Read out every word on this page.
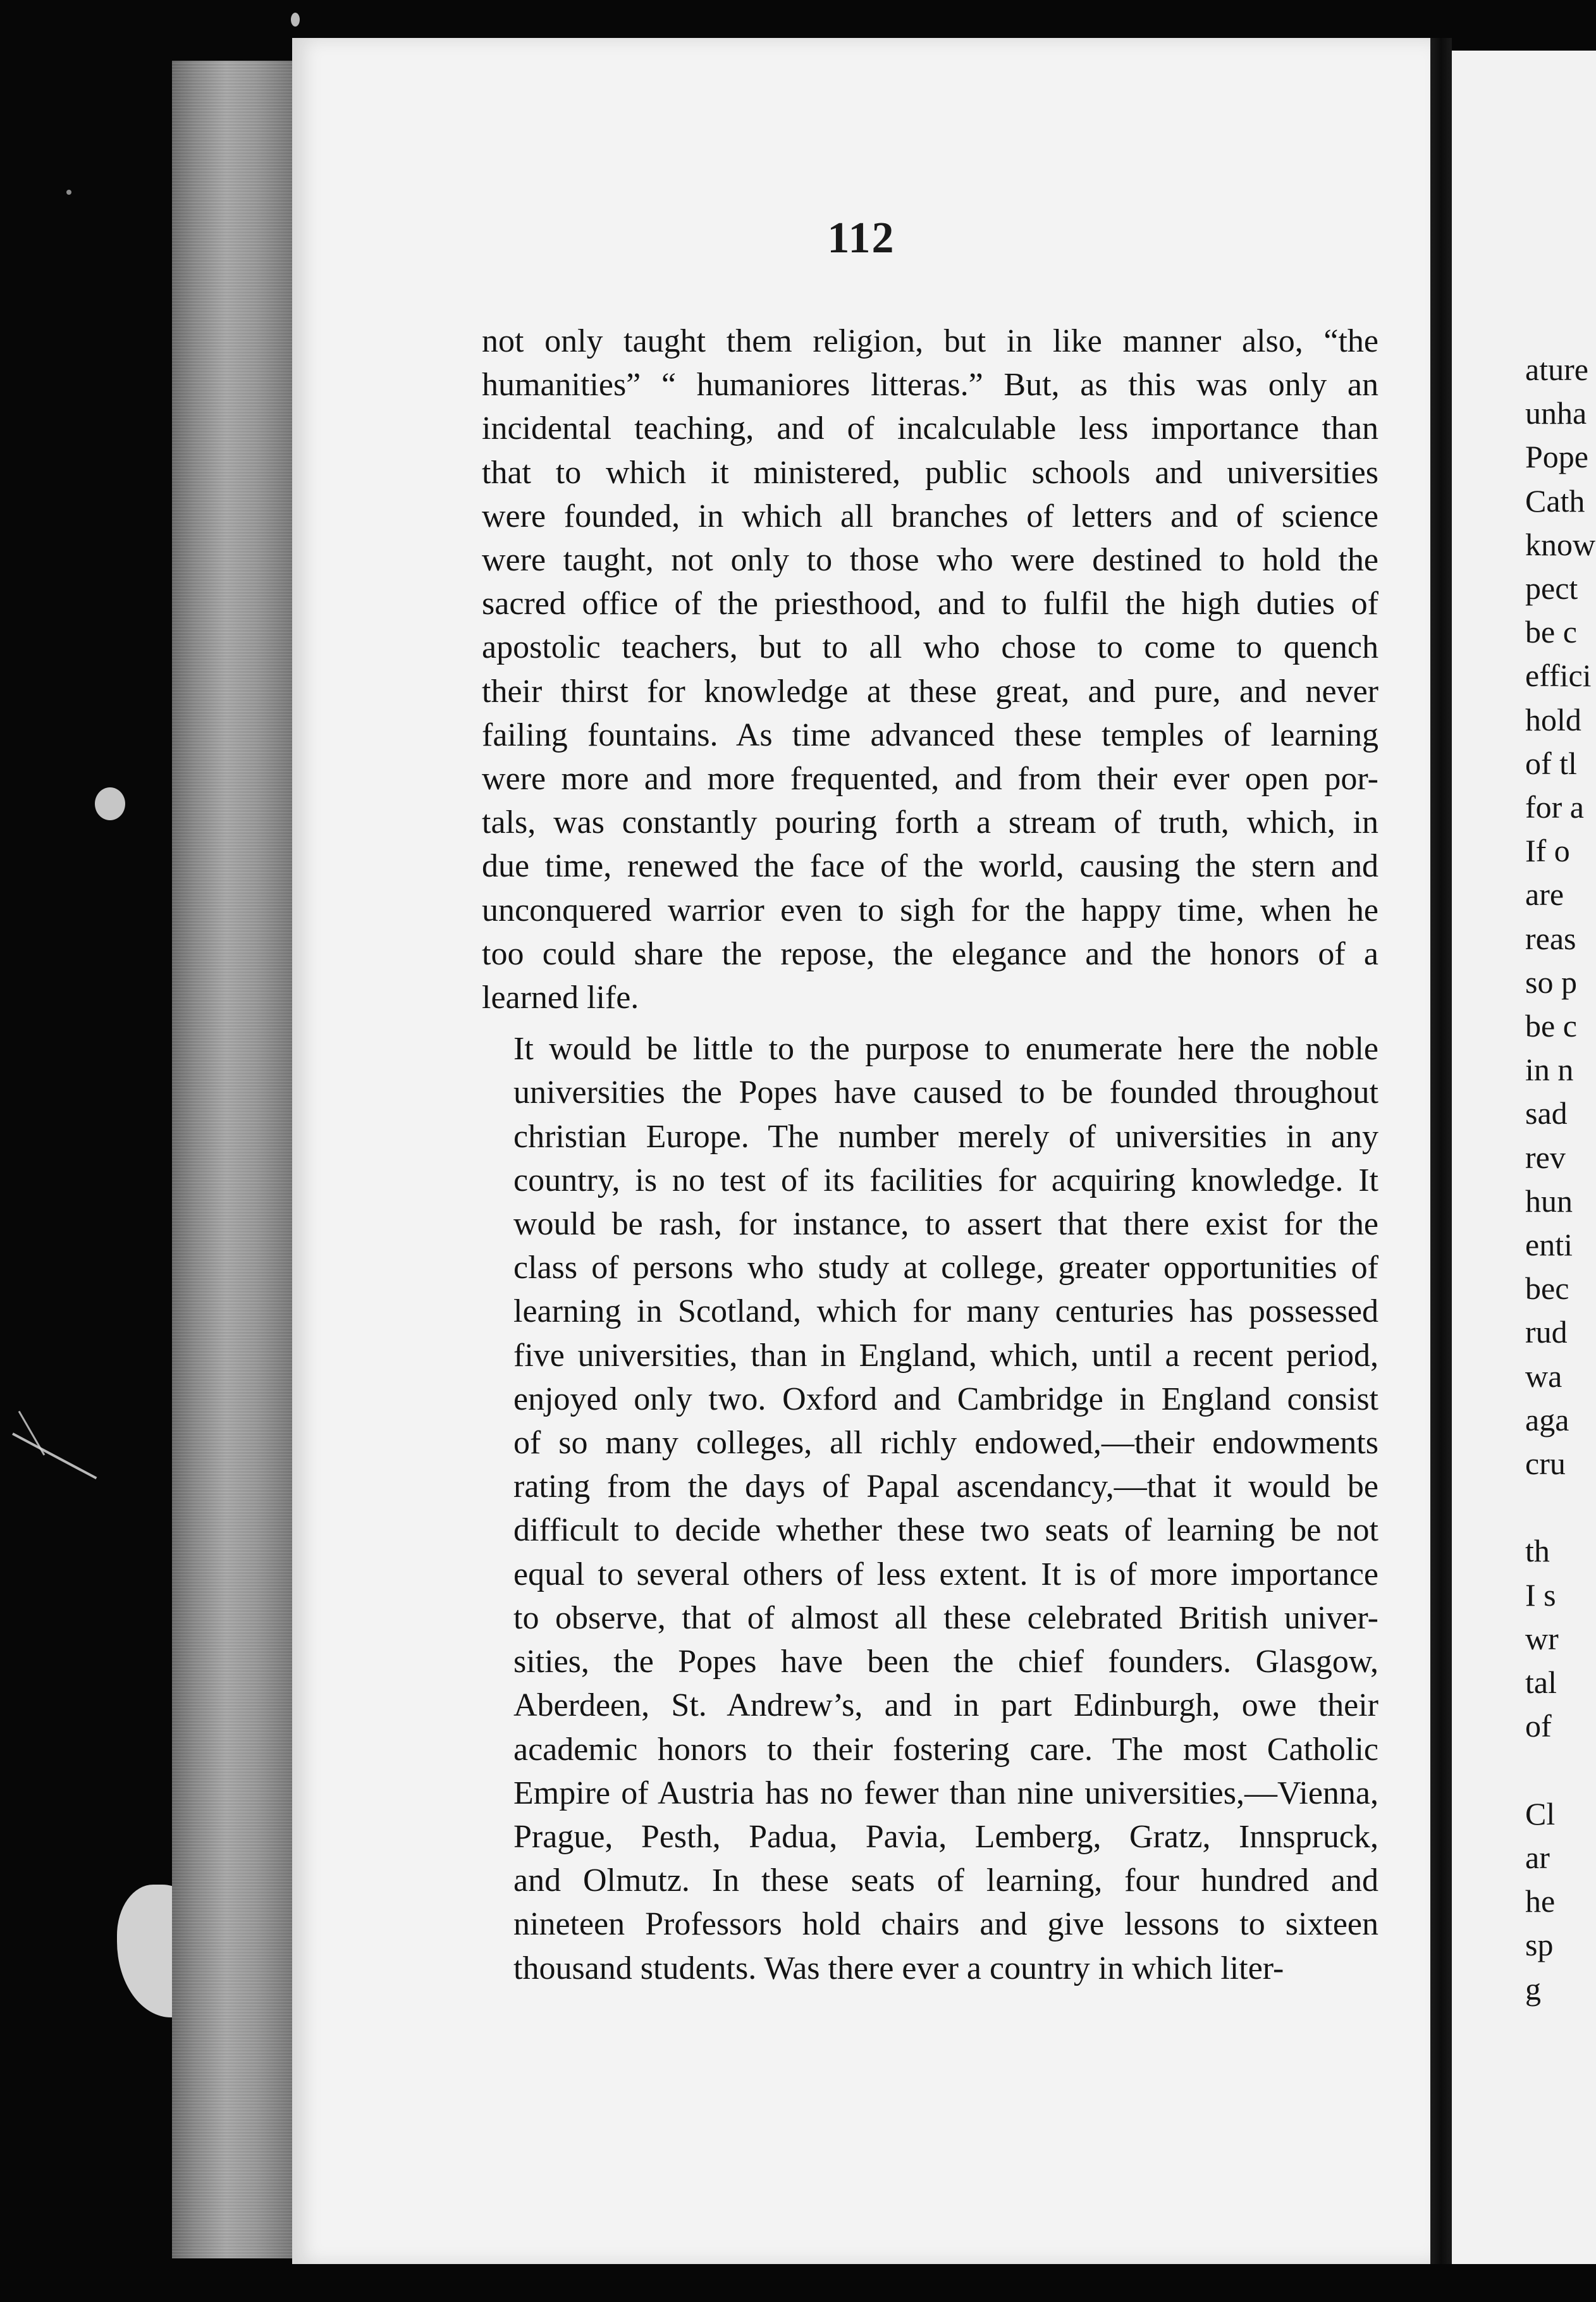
112

not only taught them religion, but in like manner also, “the
humanities” “ humaniores litteras.” But, as this was only an
incidental teaching, and of incalculable less importance than
that to which it ministered, public schools and universities
were founded, in which all branches of letters and of science
were taught, not only to those who were destined to hold the
sacred office of the priesthood, and to fulfil the high duties of
apostolic teachers, but to all who chose to come to quench
their thirst for knowledge at these great, and pure, and never
failing fountains. As time advanced these temples of learning
were more and more frequented, and from their ever open por-
tals, was constantly pouring forth a stream of truth, which, in
due time, renewed the face of the world, causing the stern and
unconquered warrior even to sigh for the happy time, when he
too could share the repose, the elegance and the honors of a
learned life.

It would be little to the purpose to enumerate here the noble
universities the Popes have caused to be founded throughout
christian Europe. The number merely of universities in any
country, is no test of its facilities for acquiring knowledge. It
would be rash, for instance, to assert that there exist for the
class of persons who study at college, greater opportunities of
learning in Scotland, which for many centuries has possessed
five universities, than in England, which, until a recent period,
enjoyed only two. Oxford and Cambridge in England consist
of so many colleges, all richly endowed,—their endowments
rating from the days of Papal ascendancy,—that it would be
difficult to decide whether these two seats of learning be not
equal to several others of less extent. It is of more importance
to observe, that of almost all these celebrated British univer-
sities, the Popes have been the chief founders. Glasgow,
Aberdeen, St. Andrew’s, and in part Edinburgh, owe their
academic honors to their fostering care. The most Catholic
Empire of Austria has no fewer than nine universities,—Vienna,
Prague, Pesth, Padua, Pavia, Lemberg, Gratz, Innspruck,
and Olmutz. In these seats of learning, four hundred and
nineteen Professors hold chairs and give lessons to sixteen
thousand students. Was there ever a country in which liter-

ature
unha
Pope
Cath
know
pect
be c
effici
hold
of tl
for a
If o
are
reas
so p
be c
in n
sad
rev
hun
enti
bec
rud
wa
aga
cru

th
I s
wr
tal
of

Cl
ar
he
sp
g
